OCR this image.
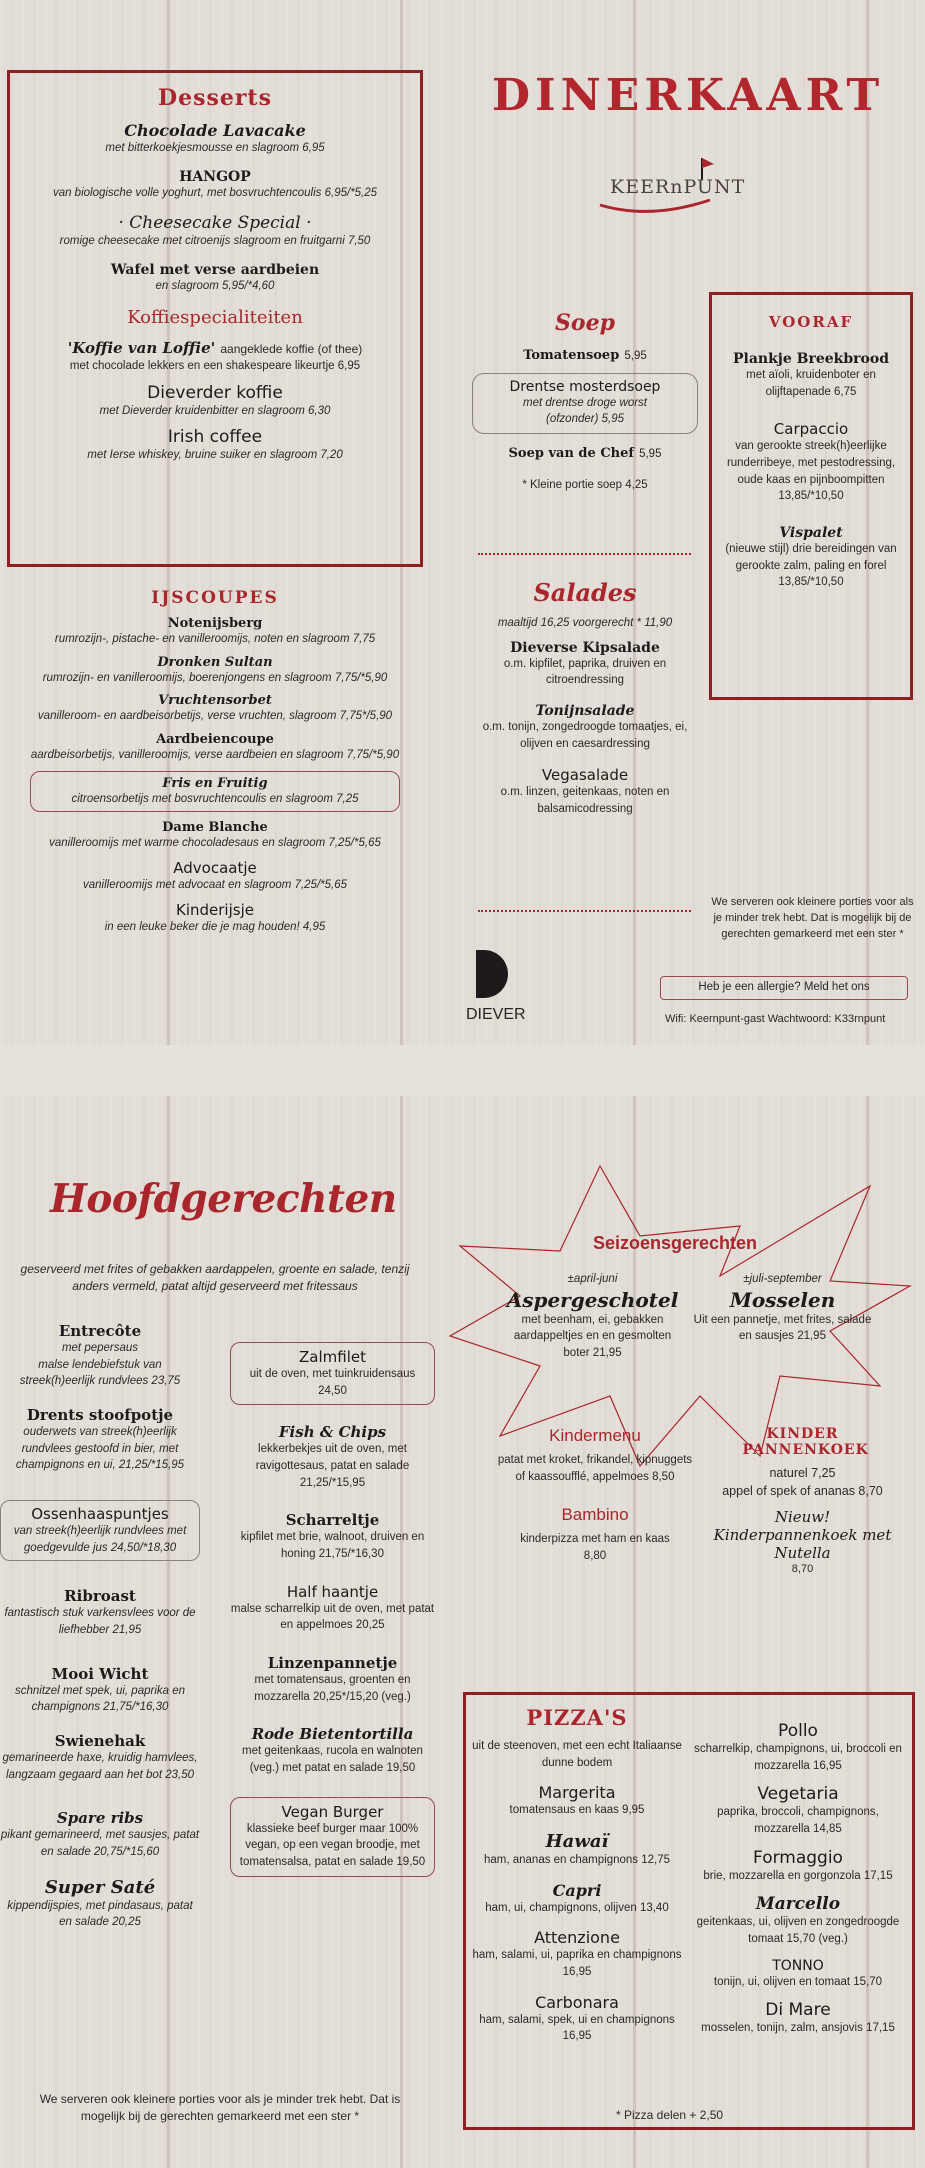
Desserts
Chocolade Lavacake
met bitterkoekjesmousse en slagroom 6,95
HANGOP
van biologische volle yoghurt, met bosvruchtencoulis 6,95/*5,25
· Cheesecake Special ·
romige cheesecake met citroenijs slagroom en fruitgarni 7,50
Wafel met verse aardbeien
en slagroom 5,95/*4,60
Koffiespecialiteiten
'Koffie van Loffie' aangeklede koffie (of thee)
met chocolade lekkers en een shakespeare likeurtje 6,95
Dieverder koffie
met Dieverder kruidenbitter en slagroom 6,30
Irish coffee
met Ierse whiskey, bruine suiker en slagroom 7,20
IJSCOUPES
Notenijsberg
rumrozijn-, pistache- en vanilleroomijs, noten en slagroom 7,75
Dronken Sultan
rumrozijn- en vanilleroomijs, boerenjongens en slagroom 7,75/*5,90
Vruchtensorbet
vanilleroom- en aardbeisorbetijs, verse vruchten, slagroom 7,75*/5,90
Aardbeiencoupe
aardbeisorbetijs, vanilleroomijs, verse aardbeien en slagroom 7,75/*5,90
Fris en Fruitig
citroensorbetijs met bosvruchtencoulis en slagroom 7,25
Dame Blanche
vanilleroomijs met warme chocoladesaus en slagroom 7,25/*5,65
Advocaatje
vanilleroomijs met advocaat en slagroom 7,25/*5,65
Kinderijsje
in een leuke beker die je mag houden! 4,95
DINERKAART
KEERnPUNT
Soep
Tomatensoep 5,95
Drentse mosterdsoep
met drentse droge worst
(ofzonder) 5,95
Soep van de Chef 5,95
* Kleine portie soep 4,25
Salades
maaltijd 16,25 voorgerecht * 11,90
Dieverse Kipsalade
o.m. kipfilet, paprika, druiven en citroendressing
Tonijnsalade
o.m. tonijn, zongedroogde tomaatjes, ei, olijven en caesardressing
Vegasalade
o.m. linzen, geitenkaas, noten en balsamicodressing
VOORAF
Plankje Breekbrood
met aïoli, kruidenboter en olijftapenade 6,75
Carpaccio
van gerookte streek(h)eerlijke runderribeye, met pestodressing, oude kaas en pijnboompitten 13,85/*10,50
Vispalet
(nieuwe stijl) drie bereidingen van gerookte zalm, paling en forel 13,85/*10,50
We serveren ook kleinere porties voor als je minder trek hebt. Dat is mogelijk bij de gerechten gemarkeerd met een ster *
Heb je een allergie? Meld het ons
Wifi: Keernpunt-gast Wachtwoord: K33rnpunt
DIEVER
Hoofdgerechten
geserveerd met frites of gebakken aardappelen, groente en salade, tenzij anders vermeld, patat altijd geserveerd met fritessaus
Entrecôte
met pepersaus
malse lendebiefstuk van streek(h)eerlijk rundvlees 23,75
Drents stoofpotje
ouderwets van streek(h)eerlijk rundvlees gestoofd in bier, met champignons en ui, 21,25/*15,95
Ossenhaaspuntjes
van streek(h)eerlijk rundvlees met goedgevulde jus 24,50/*18,30
Ribroast
fantastisch stuk varkensvlees voor de liefhebber 21,95
Mooi Wicht
schnitzel met spek, ui, paprika en champignons 21,75/*16,30
Swienehak
gemarineerde haxe, kruidig hamvlees, langzaam gegaard aan het bot 23,50
Spare ribs
pikant gemarineerd, met sausjes, patat en salade 20,75/*15,60
Super Saté
kippendijspies, met pindasaus, patat en salade 20,25
Zalmfilet
uit de oven, met tuinkruidensaus 24,50
Fish & Chips
lekkerbekjes uit de oven, met ravigottesaus, patat en salade 21,25/*15,95
Scharreltje
kipfilet met brie, walnoot, druiven en honing 21,75/*16,30
Half haantje
malse scharrelkip uit de oven, met patat en appelmoes 20,25
Linzenpannetje
met tomatensaus, groenten en mozzarella 20,25*/15,20 (veg.)
Rode Bietentortilla
met geitenkaas, rucola en walnoten (veg.) met patat en salade 19,50
Vegan Burger
klassieke beef burger maar 100% vegan, op een vegan broodje, met tomatensalsa, patat en salade 19,50
We serveren ook kleinere porties voor als je minder trek hebt. Dat is mogelijk bij de gerechten gemarkeerd met een ster *
Seizoensgerechten
±april-juni
Aspergeschotel
met beenham, ei, gebakken aardappeltjes en en gesmolten boter 21,95
±juli-september
Mosselen
Uit een pannetje, met frites, salade en sausjes 21,95
Kindermenu
patat met kroket, frikandel, kipnuggets of kaassoufflé, appelmoes 8,50
Bambino
kinderpizza met ham en kaas 8,80
KINDER PANNENKOEK
naturel 7,25
appel of spek of ananas 8,70
Nieuw!
Kinderpannenkoek met Nutella
8,70
PIZZA'S
uit de steenoven, met een echt Italiaanse dunne bodem
Margerita
tomatensaus en kaas 9,95
Hawaï
ham, ananas en champignons 12,75
Capri
ham, ui, champignons, olijven 13,40
Attenzione
ham, salami, ui, paprika en champignons 16,95
Carbonara
ham, salami, spek, ui en champignons 16,95
Pollo
scharrelkip, champignons, ui, broccoli en mozzarella 16,95
Vegetaria
paprika, broccoli, champignons, mozzarella 14,85
Formaggio
brie, mozzarella en gorgonzola 17,15
Marcello
geitenkaas, ui, olijven en zongedroogde tomaat 15,70 (veg.)
TONNO
tonijn, ui, olijven en tomaat 15,70
Di Mare
mosselen, tonijn, zalm, ansjovis 17,15
* Pizza delen + 2,50
